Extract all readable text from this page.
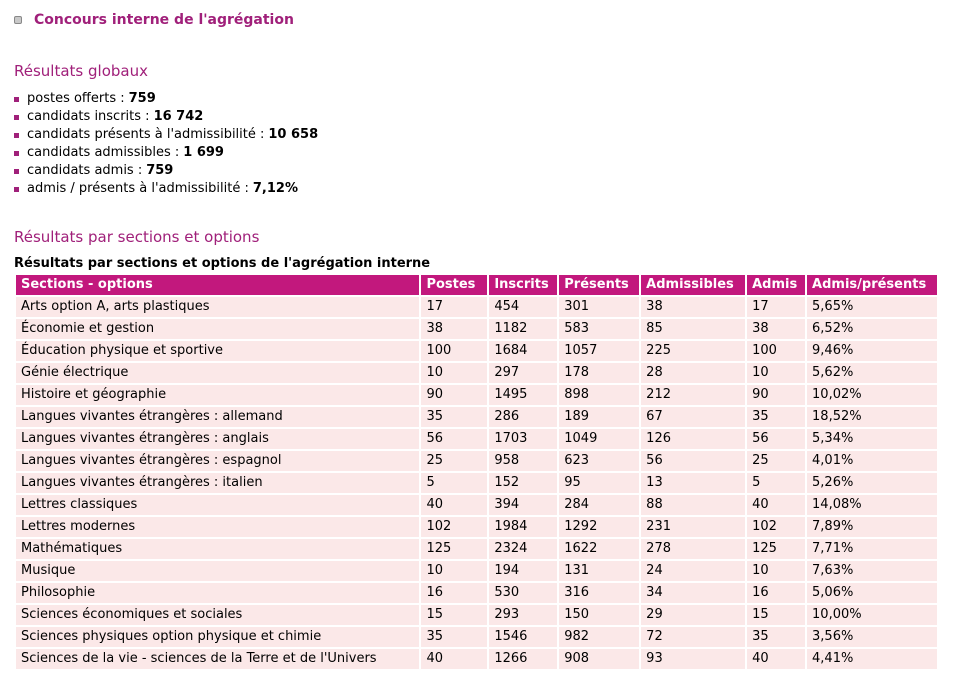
Concours interne de l'agrégation
Résultats globaux
postes offerts : 759
candidats inscrits : 16 742
candidats présents à l'admissibilité : 10 658
candidats admissibles : 1 699
candidats admis : 759
admis / présents à l'admissibilité : 7,12%
Résultats par sections et options
Résultats par sections et options de l'agrégation interne
Sections - options	Postes	Inscrits	Présents	Admissibles	Admis	Admis/présents
Arts option A, arts plastiques	17	454	301	38	17	5,65%
Économie et gestion	38	1182	583	85	38	6,52%
Éducation physique et sportive	100	1684	1057	225	100	9,46%
Génie électrique	10	297	178	28	10	5,62%
Histoire et géographie	90	1495	898	212	90	10,02%
Langues vivantes étrangères : allemand	35	286	189	67	35	18,52%
Langues vivantes étrangères : anglais	56	1703	1049	126	56	5,34%
Langues vivantes étrangères : espagnol	25	958	623	56	25	4,01%
Langues vivantes étrangères : italien	5	152	95	13	5	5,26%
Lettres classiques	40	394	284	88	40	14,08%
Lettres modernes	102	1984	1292	231	102	7,89%
Mathématiques	125	2324	1622	278	125	7,71%
Musique	10	194	131	24	10	7,63%
Philosophie	16	530	316	34	16	5,06%
Sciences économiques et sociales	15	293	150	29	15	10,00%
Sciences physiques option physique et chimie	35	1546	982	72	35	3,56%
Sciences de la vie - sciences de la Terre et de l'Univers	40	1266	908	93	40	4,41%
